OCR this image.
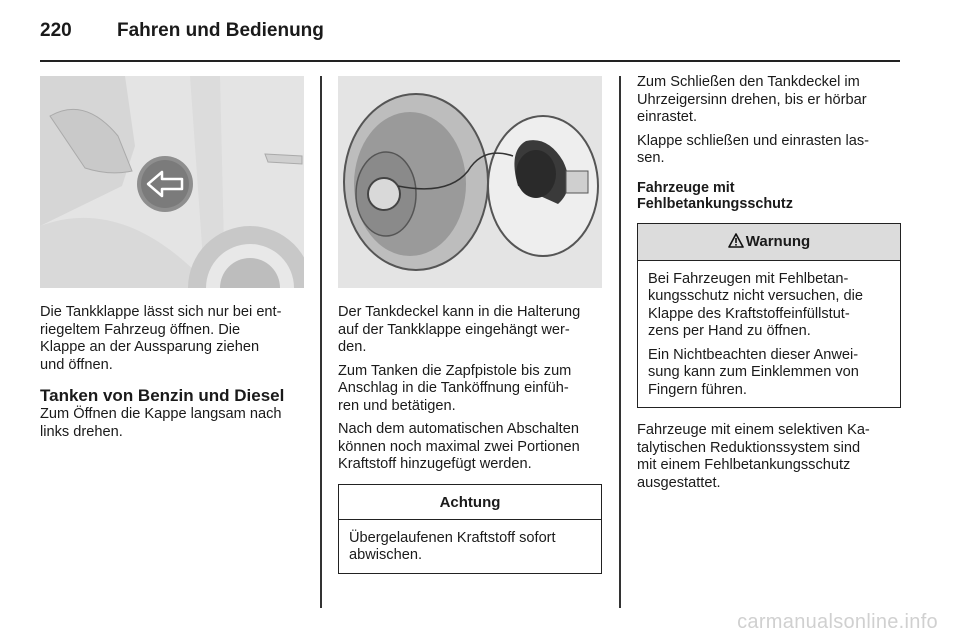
220 Fahren und Bedienung

Die Tankklappe lässt sich nur bei ent-
riegeltem Fahrzeug öffnen. Die
Klappe an der Aussparung ziehen
und öffnen.

Tanken von Benzin und Diesel

Zum Öffnen die Kappe langsam nach
links drehen.

Der Tankdeckel kann in die Halterung
auf der Tankklappe eingehängt wer-
den.

Zum Tanken die Zapfpistole bis zum
Anschlag in die Tanköffnung einfüh-
ren und betätigen.

Nach dem automatischen Abschalten
können noch maximal zwei Portionen
Kraftstoff hinzugefügt werden.

Achtung

Übergelaufenen Kraftstoff sofort
abwischen.

Zum Schließen den Tankdeckel im
Uhrzeigersinn drehen, bis er hörbar
einrastet.

Klappe schließen und einrasten las-
sen.

Fahrzeuge mit
Fehlbetankungsschutz
Warnung

Bei Fahrzeugen mit Fehlbetan-
kungsschutz nicht versuchen, die
Klappe des Kraftstoffeinfüllstut-
zens per Hand zu öffnen.

Ein Nichtbeachten dieser Anwei-
sung kann zum Einklemmen von
Fingern führen.

Fahrzeuge mit einem selektiven Ka-
talytischen Reduktionssystem sind
mit einem Fehlbetankungsschutz
ausgestattet.

carmanualsonline.info
